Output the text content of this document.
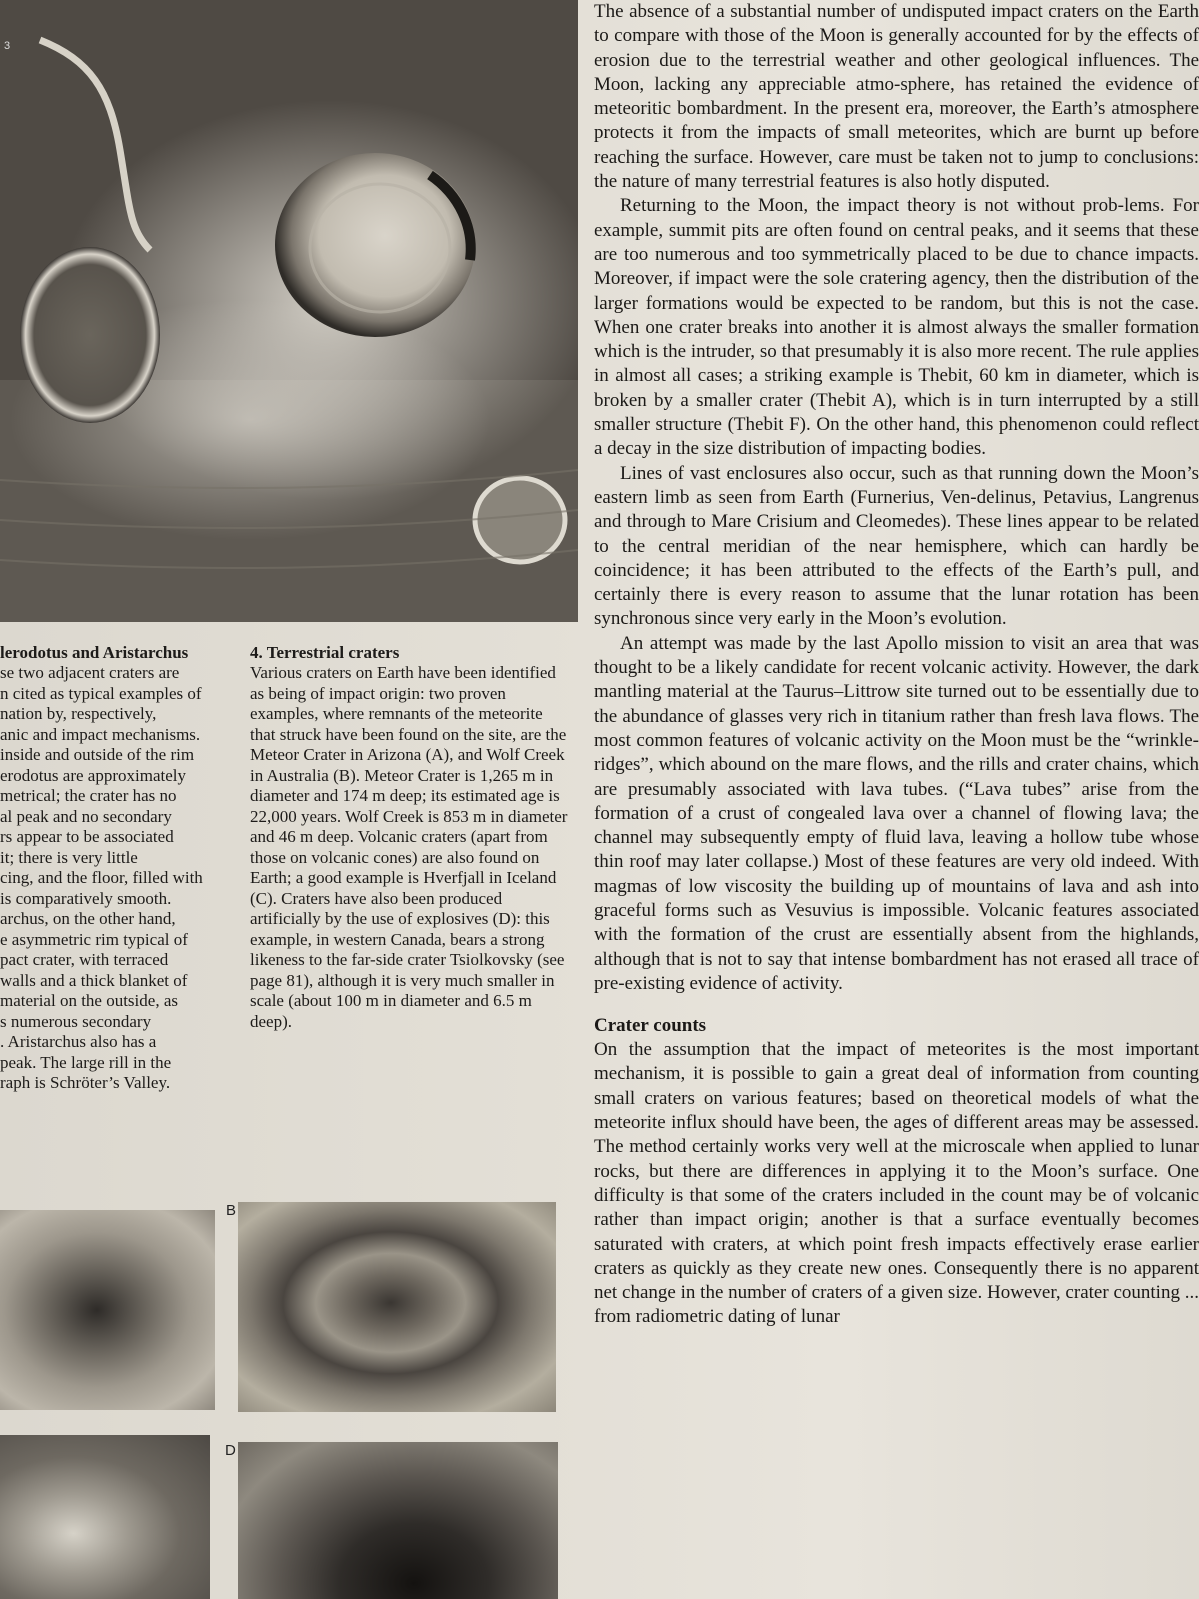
3
lerodotus and Aristarchus
se two adjacent craters are
n cited as typical examples of
nation by, respectively,
anic and impact mechanisms.
inside and outside of the rim
erodotus are approximately
metrical; the crater has no
al peak and no secondary
rs appear to be associated
it; there is very little
cing, and the floor, filled with
is comparatively smooth.
archus, on the other hand,
e asymmetric rim typical of
pact crater, with terraced
walls and a thick blanket of
material on the outside, as
s numerous secondary
. Aristarchus also has a
peak. The large rill in the
raph is Schröter’s Valley.
4. Terrestrial craters

Various craters on Earth have been identified as being of impact origin: two proven examples, where remnants of the meteorite that struck have been found on the site, are the Meteor Crater in Arizona (A), and Wolf Creek in Australia (B). Meteor Crater is 1,265 m in diameter and 174 m deep; its estimated age is 22,000 years. Wolf Creek is 853 m in diameter and 46 m deep. Volcanic craters (apart from those on volcanic cones) are also found on Earth; a good example is Hverfjall in Iceland (C). Craters have also been produced artificially by the use of explosives (D): this example, in western Canada, bears a strong likeness to the far-side crater Tsiolkovsky (see page 81), although it is very much smaller in scale (about 100 m in diameter and 6.5 m deep).

The absence of a substantial number of undisputed impact craters on the Earth to compare with those of the Moon is generally accounted for by the effects of erosion due to the terrestrial weather and other geological influences. The Moon, lacking any appreciable atmo-sphere, has retained the evidence of meteoritic bombardment. In the present era, moreover, the Earth’s atmosphere protects it from the impacts of small meteorites, which are burnt up before reaching the surface. However, care must be taken not to jump to conclusions: the nature of many terrestrial features is also hotly disputed.

Returning to the Moon, the impact theory is not without prob-lems. For example, summit pits are often found on central peaks, and it seems that these are too numerous and too symmetrically placed to be due to chance impacts. Moreover, if impact were the sole cratering agency, then the distribution of the larger formations would be expected to be random, but this is not the case. When one crater breaks into another it is almost always the smaller formation which is the intruder, so that presumably it is also more recent. The rule applies in almost all cases; a striking example is Thebit, 60 km in diameter, which is broken by a smaller crater (Thebit A), which is in turn interrupted by a still smaller structure (Thebit F). On the other hand, this phenomenon could reflect a decay in the size distribution of impacting bodies.

Lines of vast enclosures also occur, such as that running down the Moon’s eastern limb as seen from Earth (Furnerius, Ven-delinus, Petavius, Langrenus and through to Mare Crisium and Cleomedes). These lines appear to be related to the central meridian of the near hemisphere, which can hardly be coincidence; it has been attributed to the effects of the Earth’s pull, and certainly there is every reason to assume that the lunar rotation has been synchronous since very early in the Moon’s evolution.

An attempt was made by the last Apollo mission to visit an area that was thought to be a likely candidate for recent volcanic activity. However, the dark mantling material at the Taurus–Littrow site turned out to be essentially due to the abundance of glasses very rich in titanium rather than fresh lava flows. The most common features of volcanic activity on the Moon must be the “wrinkle-ridges”, which abound on the mare flows, and the rills and crater chains, which are presumably associated with lava tubes. (“Lava tubes” arise from the formation of a crust of congealed lava over a channel of flowing lava; the channel may subsequently empty of fluid lava, leaving a hollow tube whose thin roof may later collapse.) Most of these features are very old indeed. With magmas of low viscosity the building up of mountains of lava and ash into graceful forms such as Vesuvius is impossible. Volcanic features associated with the formation of the crust are essentially absent from the highlands, although that is not to say that intense bombardment has not erased all trace of pre-existing evidence of activity.

Crater counts

On the assumption that the impact of meteorites is the most important mechanism, it is possible to gain a great deal of information from counting small craters on various features; based on theoretical models of what the meteorite influx should have been, the ages of different areas may be assessed. The method certainly works very well at the microscale when applied to lunar rocks, but there are differences in applying it to the Moon’s surface. One difficulty is that some of the craters included in the count may be of volcanic rather than impact origin; another is that a surface eventually becomes saturated with craters, at which point fresh impacts effectively erase earlier craters as quickly as they create new ones. Consequently there is no apparent net change in the number of craters of a given size. However, crater counting ... from radiometric dating of lunar

B
D
